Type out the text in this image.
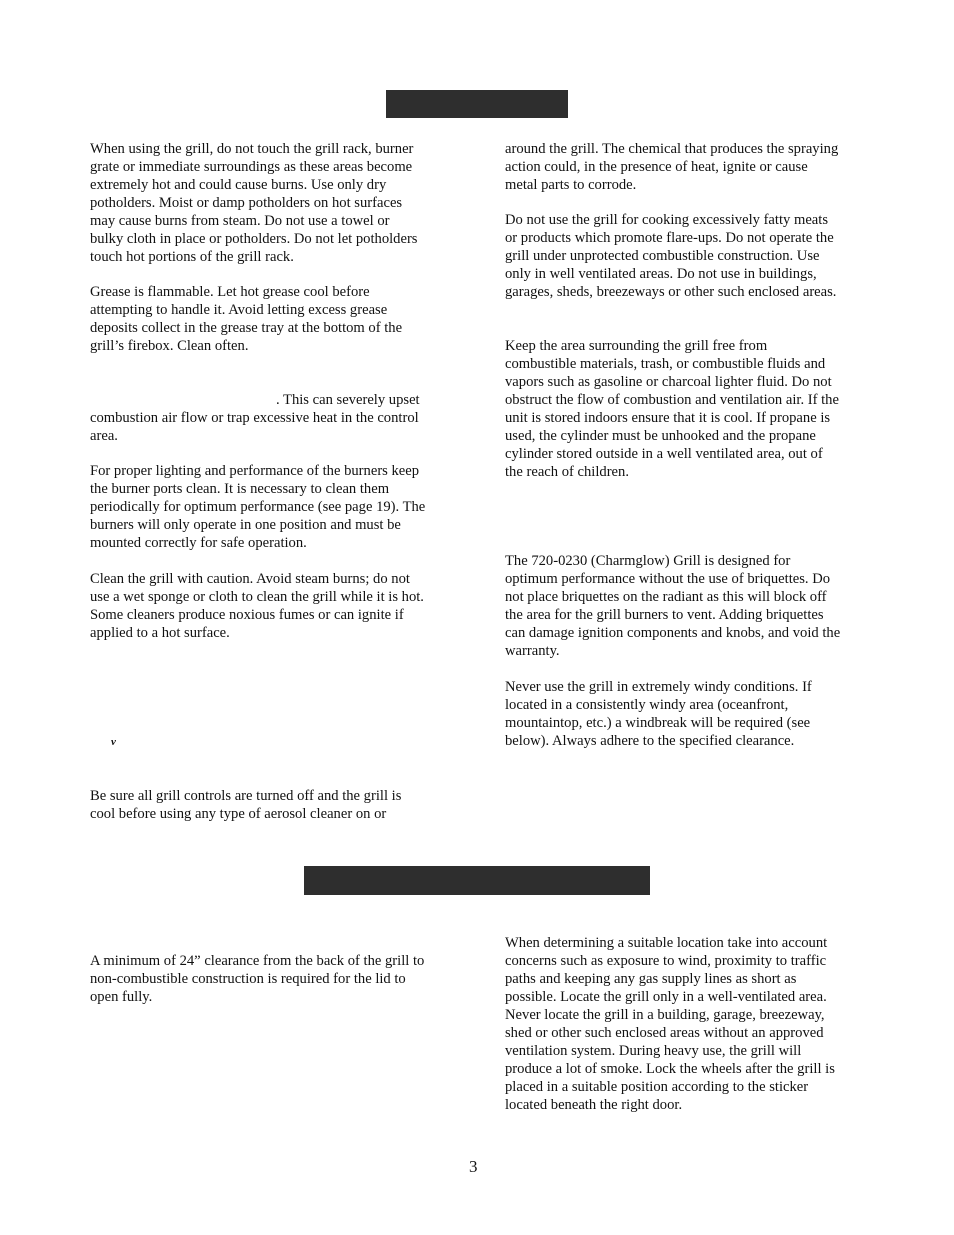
When using the grill, do not touch the grill rack, burner
grate or immediate surroundings as these areas become
extremely hot and could cause burns. Use only dry
potholders. Moist or damp potholders on hot surfaces
may cause burns from steam. Do not use a towel or
bulky cloth in place or potholders. Do not let potholders
touch hot portions of the grill rack.
Grease is flammable. Let hot grease cool before
attempting to handle it. Avoid letting excess grease
deposits collect in the grease tray at the bottom of the
grill’s firebox. Clean often.
. This can severely upset
combustion air flow or trap excessive heat in the control
area.
For proper lighting and performance of the burners keep
the burner ports clean. It is necessary to clean them
periodically for optimum performance (see page 19). The
burners will only operate in one position and must be
mounted correctly for safe operation.
Clean the grill with caution. Avoid steam burns; do not
use a wet sponge or cloth to clean the grill while it is hot.
Some cleaners produce noxious fumes or can ignite if
applied to a hot surface.
v
Be sure all grill controls are turned off and the grill is
cool before using any type of aerosol cleaner on or
around the grill. The chemical that produces the spraying
action could, in the presence of heat, ignite or cause
metal parts to corrode.
Do not use the grill for cooking excessively fatty meats
or products which promote flare-ups. Do not operate the
grill under unprotected combustible construction. Use
only in well ventilated areas. Do not use in buildings,
garages, sheds, breezeways or other such enclosed areas.
Keep the area surrounding the grill free from
combustible materials, trash, or combustible fluids and
vapors such as gasoline or charcoal lighter fluid. Do not
obstruct the flow of combustion and ventilation air. If the
unit is stored indoors ensure that it is cool. If propane is
used, the cylinder must be unhooked and the propane
cylinder stored outside in a well ventilated area, out of
the reach of children.
The 720-0230 (Charmglow) Grill is designed for
optimum performance without the use of briquettes. Do
not place briquettes on the radiant as this will block off
the area for the grill burners to vent. Adding briquettes
can damage ignition components and knobs, and void the
warranty.
Never use the grill in extremely windy conditions. If
located in a consistently windy area (oceanfront,
mountaintop, etc.) a windbreak will be required (see
below). Always adhere to the specified clearance.
A minimum of 24” clearance from the back of the grill to
non-combustible construction is required for the lid to
open fully.
When determining a suitable location take into account
concerns such as exposure to wind, proximity to traffic
paths and keeping any gas supply lines as short as
possible. Locate the grill only in a well-ventilated area.
Never locate the grill in a building, garage, breezeway,
shed or other such enclosed areas without an approved
ventilation system. During heavy use, the grill will
produce a lot of smoke. Lock the wheels after the grill is
placed in a suitable position according to the sticker
located beneath the right door.
3
